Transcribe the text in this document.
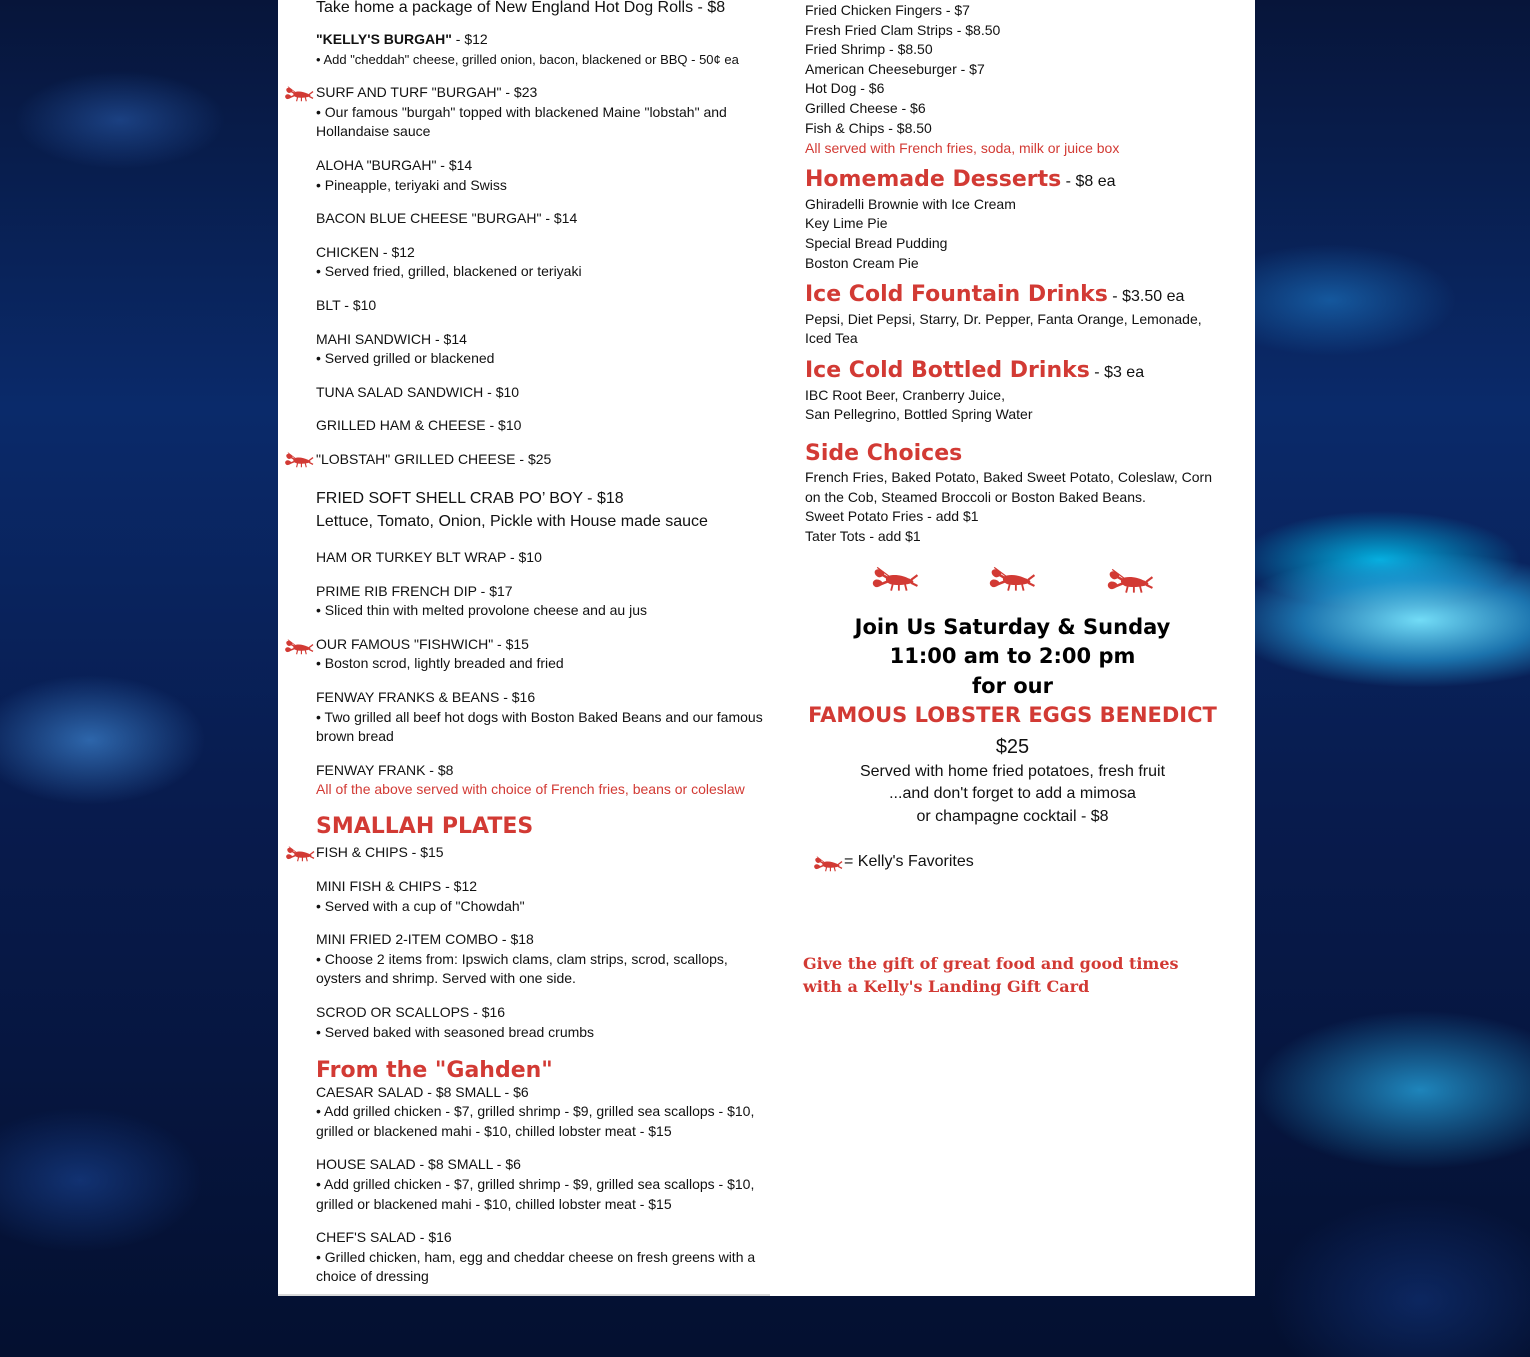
Take home a package of New England Hot Dog Rolls - $8
"KELLY'S BURGAH" - $12
• Add "cheddah" cheese, grilled onion, bacon, blackened or BBQ - 50¢ ea
SURF AND TURF "BURGAH" - $23
• Our famous "burgah" topped with blackened Maine "lobstah" and
Hollandaise sauce
ALOHA "BURGAH" - $14
• Pineapple, teriyaki and Swiss
BACON BLUE CHEESE "BURGAH" - $14
CHICKEN - $12
• Served fried, grilled, blackened or teriyaki
BLT - $10
MAHI SANDWICH - $14
• Served grilled or blackened
TUNA SALAD SANDWICH - $10
GRILLED HAM & CHEESE - $10
"LOBSTAH" GRILLED CHEESE - $25
FRIED SOFT SHELL CRAB PO’ BOY - $18
Lettuce, Tomato, Onion, Pickle with House made sauce
HAM OR TURKEY BLT WRAP - $10
PRIME RIB FRENCH DIP - $17
• Sliced thin with melted provolone cheese and au jus
OUR FAMOUS "FISHWICH" - $15
• Boston scrod, lightly breaded and fried
FENWAY FRANKS & BEANS - $16
• Two grilled all beef hot dogs with Boston Baked Beans and our famous
brown bread
FENWAY FRANK - $8
All of the above served with choice of French fries, beans or coleslaw
SMALLAH PLATES
FISH & CHIPS - $15
MINI FISH & CHIPS - $12
• Served with a cup of "Chowdah"
MINI FRIED 2-ITEM COMBO - $18
• Choose 2 items from: Ipswich clams, clam strips, scrod, scallops,
oysters and shrimp. Served with one side.
SCROD OR SCALLOPS - $16
• Served baked with seasoned bread crumbs
From the "Gahden"
CAESAR SALAD - $8 SMALL - $6
• Add grilled chicken - $7, grilled shrimp - $9, grilled sea scallops - $10,
grilled or blackened mahi - $10, chilled lobster meat - $15
HOUSE SALAD - $8 SMALL - $6
• Add grilled chicken - $7, grilled shrimp - $9, grilled sea scallops - $10,
grilled or blackened mahi - $10, chilled lobster meat - $15
CHEF'S SALAD - $16
• Grilled chicken, ham, egg and cheddar cheese on fresh greens with a
choice of dressing
Fried Chicken Fingers - $7
Fresh Fried Clam Strips - $8.50
Fried Shrimp - $8.50
American Cheeseburger - $7
Hot Dog - $6
Grilled Cheese - $6
Fish & Chips - $8.50
All served with French fries, soda, milk or juice box
Homemade Desserts - $8 ea
Ghiradelli Brownie with Ice Cream
Key Lime Pie
Special Bread Pudding
Boston Cream Pie
Ice Cold Fountain Drinks - $3.50 ea
Pepsi, Diet Pepsi, Starry, Dr. Pepper, Fanta Orange, Lemonade,
Iced Tea
Ice Cold Bottled Drinks - $3 ea
IBC Root Beer, Cranberry Juice,
San Pellegrino, Bottled Spring Water
Side Choices
French Fries, Baked Potato, Baked Sweet Potato, Coleslaw, Corn
on the Cob, Steamed Broccoli or Boston Baked Beans.
Sweet Potato Fries - add $1
Tater Tots - add $1
Join Us Saturday & Sunday
11:00 am to 2:00 pm
for our
FAMOUS LOBSTER EGGS BENEDICT
$25
Served with home fried potatoes, fresh fruit
...and don't forget to add a mimosa
or champagne cocktail - $8
= Kelly's Favorites
Give the gift of great food and good times
with a Kelly's Landing Gift Card
